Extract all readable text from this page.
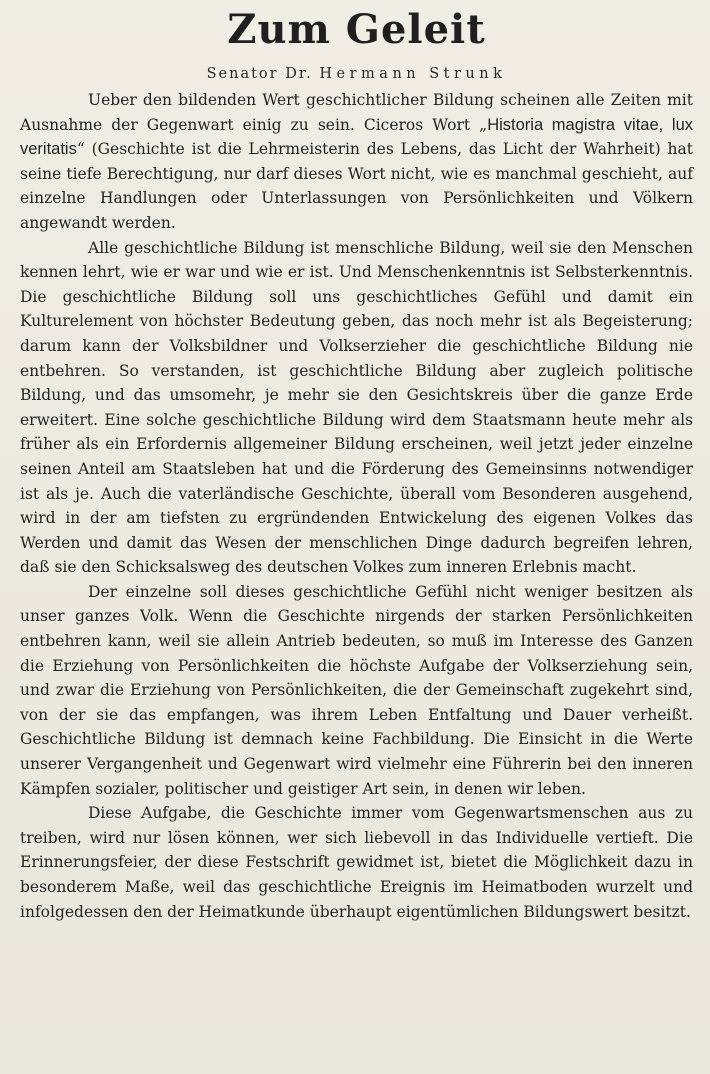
Zum Geleit
Senator Dr. Hermann Strunk

Ueber den bildenden Wert geschichtlicher Bildung scheinen alle Zeiten mit Ausnahme der Gegenwart einig zu sein. Ciceros Wort „Historia magistra vitae, lux veritatis“ (Geschichte ist die Lehrmeisterin des Lebens, das Licht der Wahrheit) hat seine tiefe Berechtigung, nur darf dieses Wort nicht, wie es manchmal geschieht, auf einzelne Handlungen oder Unterlassungen von Persönlichkeiten und Völkern angewandt werden.

Alle geschichtliche Bildung ist menschliche Bildung, weil sie den Menschen kennen lehrt, wie er war und wie er ist. Und Menschenkenntnis ist Selbsterkenntnis. Die geschichtliche Bildung soll uns geschichtliches Gefühl und damit ein Kulturelement von höchster Bedeutung geben, das noch mehr ist als Begeisterung; darum kann der Volksbildner und Volkserzieher die geschichtliche Bildung nie entbehren. So verstanden, ist geschichtliche Bildung aber zugleich politische Bildung, und das umsomehr, je mehr sie den Gesichtskreis über die ganze Erde erweitert. Eine solche geschichtliche Bildung wird dem Staatsmann heute mehr als früher als ein Erfordernis allgemeiner Bildung erscheinen, weil jetzt jeder einzelne seinen Anteil am Staatsleben hat und die Förderung des Gemeinsinns notwendiger ist als je. Auch die vaterländische Geschichte, überall vom Besonderen ausgehend, wird in der am tiefsten zu ergründenden Entwickelung des eigenen Volkes das Werden und damit das Wesen der menschlichen Dinge dadurch begreifen lehren, daß sie den Schicksalsweg des deutschen Volkes zum inneren Erlebnis macht.

Der einzelne soll dieses geschichtliche Gefühl nicht weniger besitzen als unser ganzes Volk. Wenn die Geschichte nirgends der starken Persönlichkeiten entbehren kann, weil sie allein Antrieb bedeuten, so muß im Interesse des Ganzen die Erziehung von Persönlichkeiten die höchste Aufgabe der Volkserziehung sein, und zwar die Erziehung von Persönlichkeiten, die der Gemeinschaft zugekehrt sind, von der sie das empfangen, was ihrem Leben Entfaltung und Dauer verheißt. Geschichtliche Bildung ist demnach keine Fachbildung. Die Einsicht in die Werte unserer Vergangenheit und Gegenwart wird vielmehr eine Führerin bei den inneren Kämpfen sozialer, politischer und geistiger Art sein, in denen wir leben.

Diese Aufgabe, die Geschichte immer vom Gegenwartsmenschen aus zu treiben, wird nur lösen können, wer sich liebevoll in das Individuelle vertieft. Die Erinnerungsfeier, der diese Festschrift gewidmet ist, bietet die Möglichkeit dazu in besonderem Maße, weil das geschichtliche Ereignis im Heimatboden wurzelt und infolgedessen den der Heimatkunde überhaupt eigentümlichen Bildungswert besitzt.
